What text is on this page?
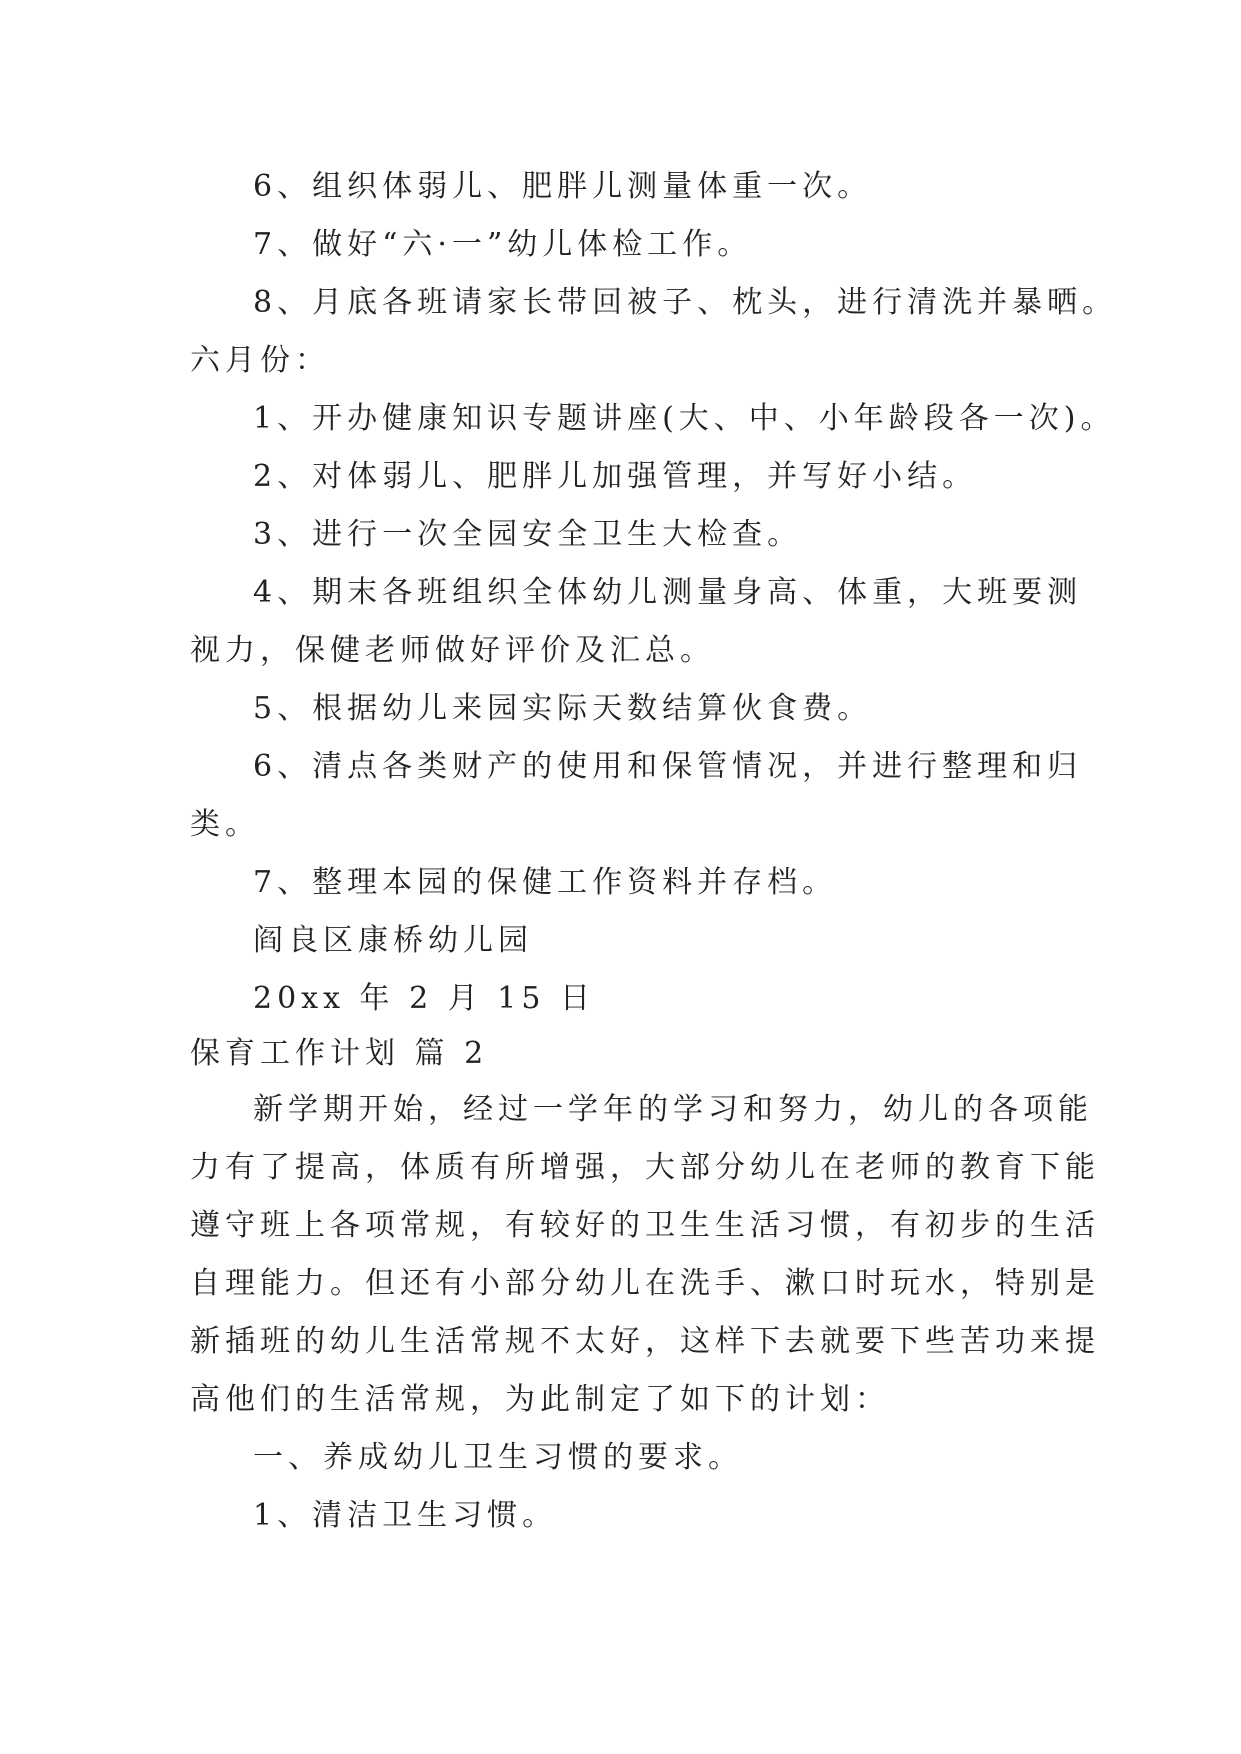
6、组织体弱儿、肥胖儿测量体重一次。
7、做好“六·一”幼儿体检工作。
8、月底各班请家长带回被子、枕头，进行清洗并暴晒。
六月份：
1、开办健康知识专题讲座(大、中、小年龄段各一次)。
2、对体弱儿、肥胖儿加强管理，并写好小结。
3、进行一次全园安全卫生大检查。
4、期末各班组织全体幼儿测量身高、体重，大班要测
视力，保健老师做好评价及汇总。
5、根据幼儿来园实际天数结算伙食费。
6、清点各类财产的使用和保管情况，并进行整理和归
类。
7、整理本园的保健工作资料并存档。
阎良区康桥幼儿园
20xx 年 2 月 15 日
保育工作计划 篇 2
新学期开始，经过一学年的学习和努力，幼儿的各项能
力有了提高，体质有所增强，大部分幼儿在老师的教育下能
遵守班上各项常规，有较好的卫生生活习惯，有初步的生活
自理能力。但还有小部分幼儿在洗手、漱口时玩水，特别是
新插班的幼儿生活常规不太好，这样下去就要下些苦功来提
高他们的生活常规，为此制定了如下的计划：
一、养成幼儿卫生习惯的要求。
1、清洁卫生习惯。
